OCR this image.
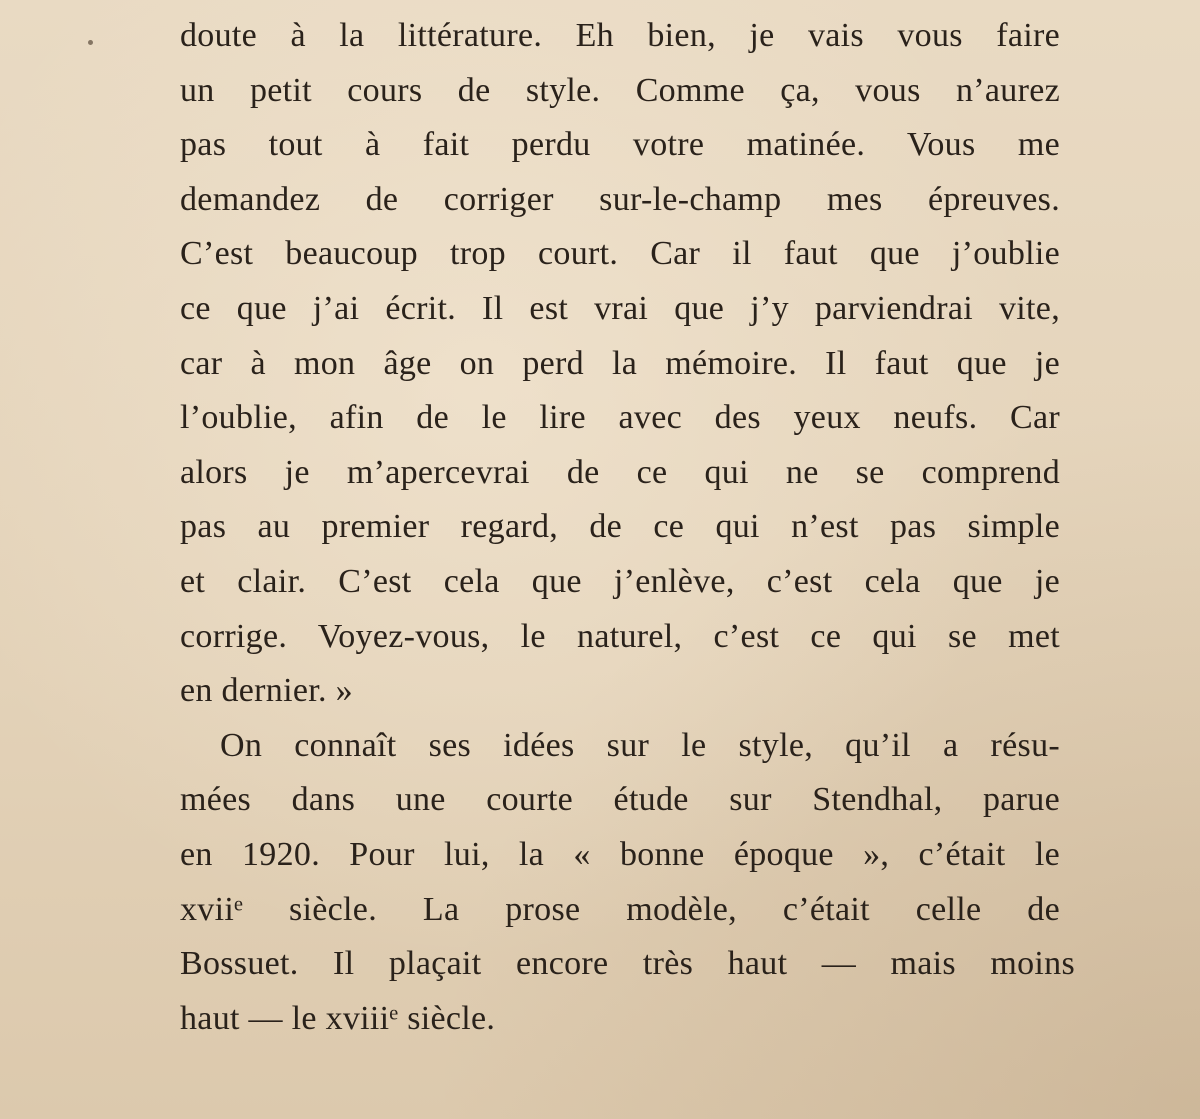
doute à la littérature. Eh bien, je vais vous faire
un petit cours de style. Comme ça, vous n’aurez
pas tout à fait perdu votre matinée. Vous me
demandez de corriger sur-le-champ mes épreuves.
C’est beaucoup trop court. Car il faut que j’oublie
ce que j’ai écrit. Il est vrai que j’y parviendrai vite,
car à mon âge on perd la mémoire. Il faut que je
l’oublie, afin de le lire avec des yeux neufs. Car
alors je m’apercevrai de ce qui ne se comprend
pas au premier regard, de ce qui n’est pas simple
et clair. C’est cela que j’enlève, c’est cela que je
corrige. Voyez-vous, le naturel, c’est ce qui se met
en dernier. »
On connaît ses idées sur le style, qu’il a résu-
mées dans une courte étude sur Stendhal, parue
en 1920. Pour lui, la « bonne époque », c’était le
xviiᵉ siècle. La prose modèle, c’était celle de
Bossuet. Il plaçait encore très haut — mais moins
haut — le xviiiᵉ siècle.
